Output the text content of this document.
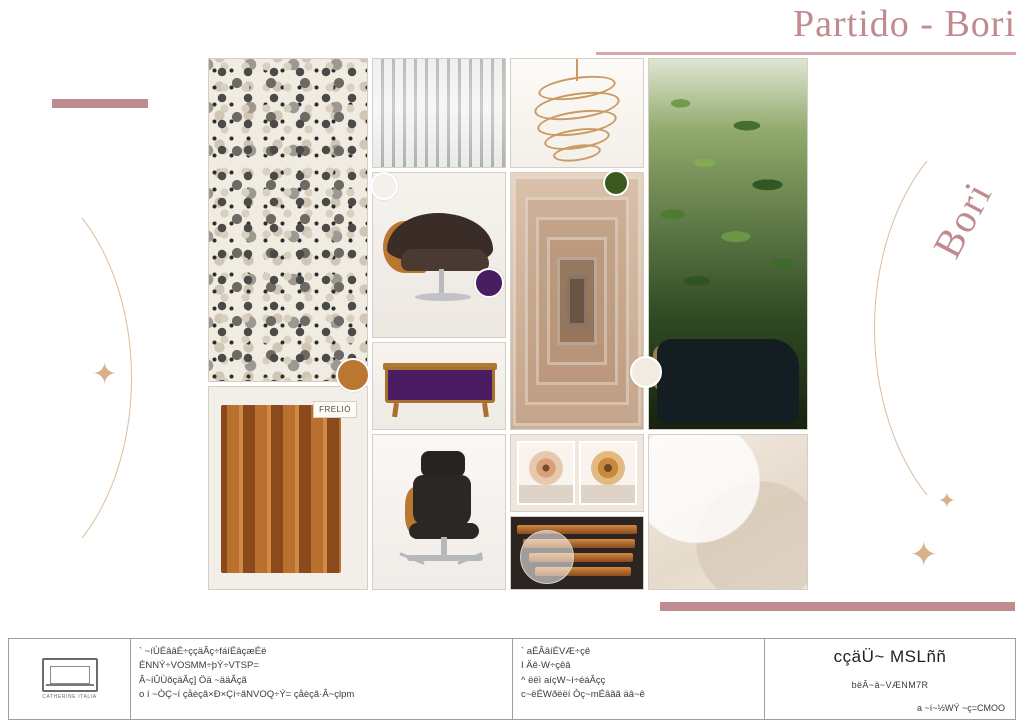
Partido - Bori
Bori
✦
✦
✦
FRELIÓ
CATHERINE ITALIA
` ~íÙÉââÉ÷ççäÂç÷fáíÉâçæÉë
ÉNNÝ÷VOSMM÷þÝ÷VTSP=
Â~íÛÙõçäÂç] Öä ~ääÂçã
o í ~ÒÇ~í çåèçã×Ð×Çí÷ãNVOQ÷Ý= çåèçã·Â~çlpm
` aÉÂâíÉVÆ÷çê
I Äê·W÷çêâ
^ ëëì aíçW~í÷éáÂçç
c~ëÉWðëëí Òç~mÉâãã äâ~ê
cçäÜ~ MSLññ
bëÂ~ä~VÆNM7R
a ~í~½WÝ ~ç=CMOO
